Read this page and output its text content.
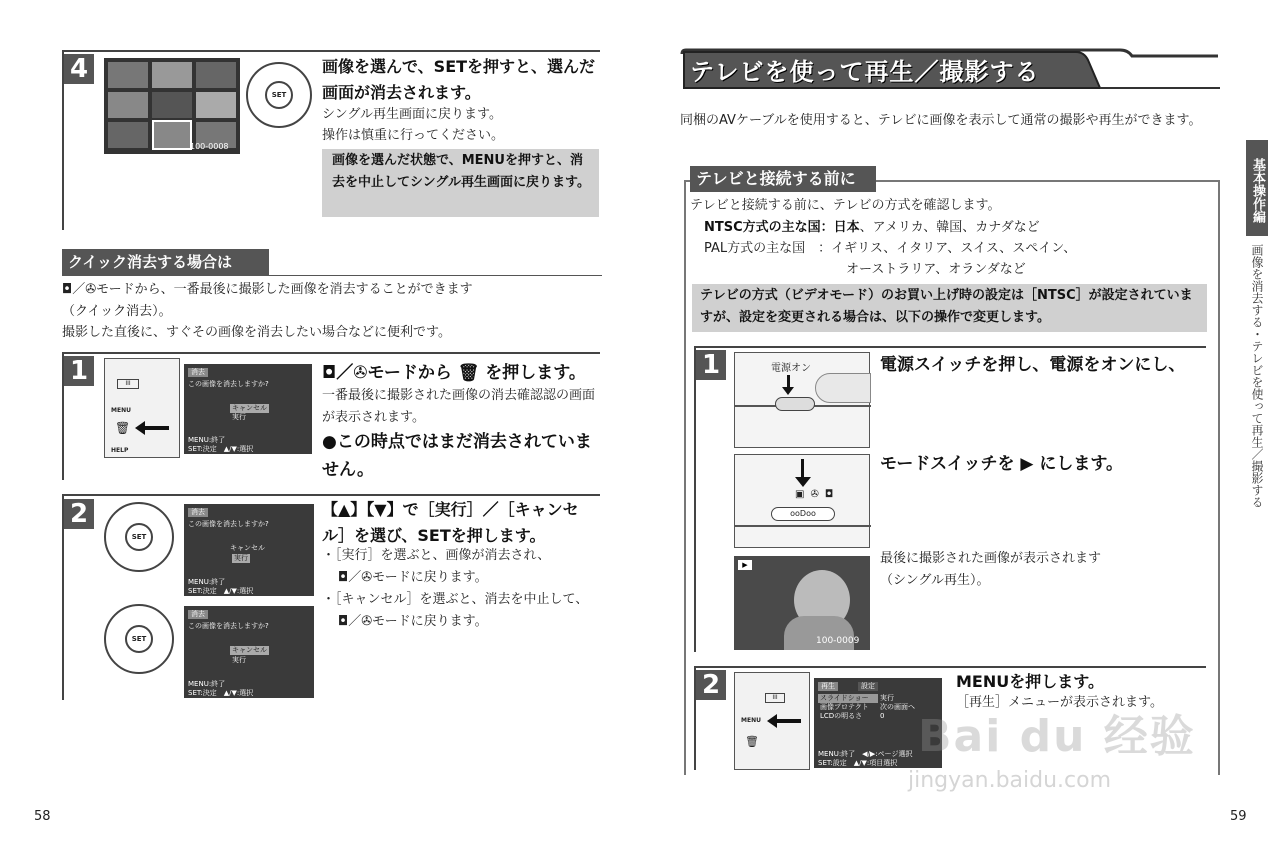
4
100-0008
SET
画像を選んで、SETを押すと、選んだ画面が消去されます。
シングル再生画面に戻ります。
操作は慎重に行ってください。
画像を選んだ状態で、MENUを押すと、消去を中止してシングル再生画面に戻ります。
クイック消去する場合は
◘／✇モードから、一番最後に撮影した画像を消去することができます
（クイック消去）。
撮影した直後に、すぐその画像を消去したい場合などに便利です。
1	III
MENU
🗑
HELP
消去
この画像を消去しますか?
キャンセル
実行
MENU:終了
SET:決定　▲/▼:選択
◘／✇モードから 🗑 を押します。
一番最後に撮影された画像の消去確認認の画面が表示されます。
●この時点ではまだ消去されていません。
2
SET
SET
消去
この画像を消去しますか?
キャンセル
実行
MENU:終了
SET:決定　▲/▼:選択
消去
この画像を消去しますか?
キャンセル
実行
MENU:終了
SET:決定　▲/▼:選択
【▲】【▼】で［実行］／［キャンセル］を選び、SETを押します。
・［実行］を選ぶと、画像が消去され、
◘／✇モードに戻ります。
・［キャンセル］を選ぶと、消去を中止して、
◘／✇モードに戻ります。
58
テレビを使って再生／撮影する
同梱のAVケーブルを使用すると、テレビに画像を表示して通常の撮影や再生ができます。
テレビと接続する前に
テレビと接続する前に、テレビの方式を確認します。
NTSC方式の主な国：日本、アメリカ、韓国、カナダなど
PAL方式の主な国　：イギリス、イタリア、スイス、スペイン、
オーストラリア、オランダなど
テレビの方式（ビデオモード）のお買い上げ時の設定は［NTSC］が設定されていますが、設定を変更される場合は、以下の操作で変更します。
1	電源オン
▣✇◘
ooDoo
▶
100-0009
電源スイッチを押し、電源をオンにし、
モードスイッチを ▶ にします。
最後に撮影された画像が表示されます
（シングル再生）。
2	III
MENU
🗑
再生	設定
スライドショー	実行
画像プロテクト 次の画面へ
LCDの明るさ	0
MENU:終了　◀/▶:ページ選択
SET:設定　▲/▼:項目選択
MENUを押します。
［再生］メニューが表示されます。
基本操作編
画像を消去する・テレビを使って再生／撮影する
Bai du 经验
jingyan.baidu.com
59
